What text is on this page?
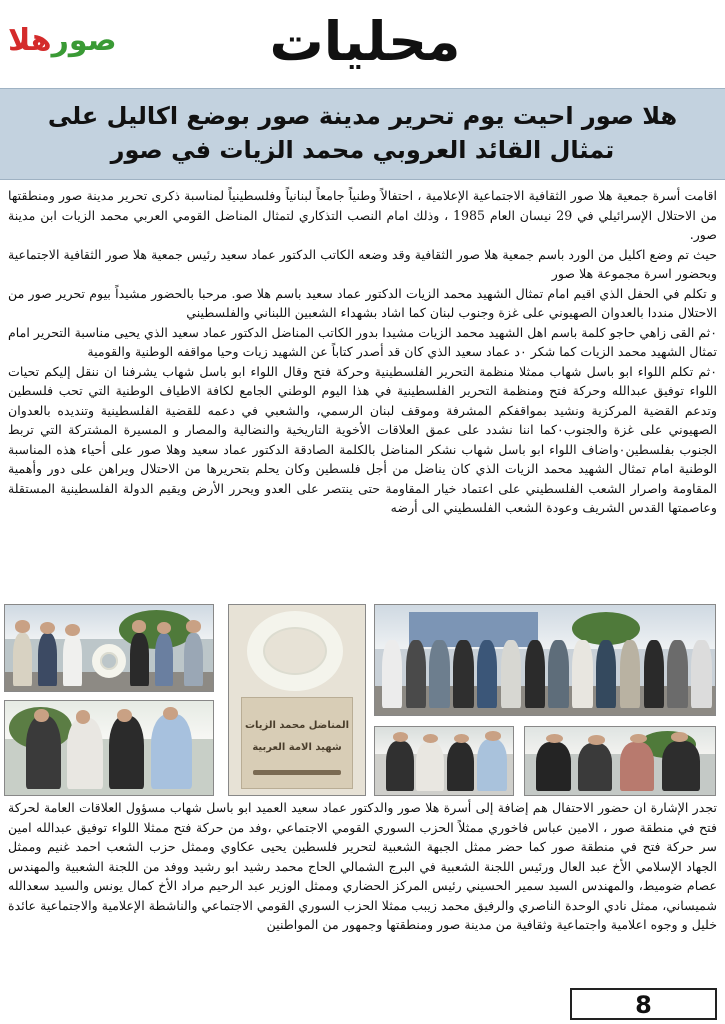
صورهلا	محليات
هلا صور احيت يوم تحرير مدينة صور بوضع اكاليل على
تمثال القائد العروبي محمد الزيات في صور

اقامت أسرة جمعية هلا صور الثقافية الاجتماعية الإعلامية ، احتفالاً وطنياً جامعاً لبنانياً وفلسطينياً لمناسبة ذكرى تحرير مدينة صور ومنطقتها من الاحتلال الإسرائيلي في 29 نيسان العام 1985 ، وذلك امام النصب التذكاري لتمثال المناضل القومي العربي محمد الزيات ابن مدينة صور.

حيث تم وضع اكليل من الورد باسم جمعية هلا صور الثقافية وقد وضعه الكاتب الدكتور عماد سعيد رئيس جمعية هلا صور الثقافية الاجتماعية وبحضور اسرة مجموعة هلا صور

و تكلم في الحفل الذي اقيم امام تمثال الشهيد محمد الزيات الدكتور عماد سعيد باسم هلا صو. مرحبا بالحضور مشيداً بيوم تحرير صور من الاحتلال منددا بالعدوان الصهيوني على غزة وجنوب لبنان كما اشاد بشهداء الشعبين اللبناني والفلسطيني

٠ثم القى زاهي حاجو كلمة باسم اهل الشهيد محمد الزيات مشيدا بدور الكاتب المناضل الدكتور عماد سعيد الذي يحيى مناسبة التحرير امام تمثال الشهيد محمد الزيات كما شكر ٠د عماد سعيد الذي كان قد أصدر كتاباً عن الشهيد زيات وحيا مواقفه الوطنية والقومية

٠ثم تكلم اللواء ابو باسل شهاب ممثلا منظمة التحرير الفلسطينية وحركة فتح وقال اللواء ابو باسل شهاب يشرفنا ان ننقل إليكم تحيات اللواء توفيق عبدالله وحركة فتح ومنظمة التحرير الفلسطينية في هذا اليوم الوطني الجامع لكافة الاطياف الوطنية التي تحب فلسطين وتدعم القضية المركزية ونشيد بمواقفكم المشرفة وموقف لبنان الرسمي، والشعبي في دعمه للقضية الفلسطينية وتنديده بالعدوان الصهيوني على غزة والجنوب٠كما اننا نشدد على عمق العلاقات الأخوية التاريخية والنضالية والمصار و المسيرة المشتركة التي تربط الجنوب بفلسطين٠واضاف اللواء ابو باسل شهاب نشكر المناضل بالكلمة الصادقة الدكتور عماد سعيد وهلا صور على أحياء هذه المناسبة الوطنية امام تمثال الشهيد محمد الزيات الذي كان يناضل من أجل فلسطين وكان يحلم بتحريرها من الاحتلال ويراهن على دور وأهمية المقاومة واصرار الشعب الفلسطيني على اعتماد خيار المقاومة حتى ينتصر على العدو ويحرر الأرض ويقيم الدولة الفلسطينية المستقلة وعاصمتها القدس الشريف وعودة الشعب الفلسطيني الى أرضه

المناضل محمد الزيات
شهيد الامة العربية
تجدر الإشارة ان حضور الاحتفال هم إضافة إلى أسرة هلا صور والدكتور عماد سعيد العميد ابو باسل شهاب مسؤول العلاقات العامة لحركة فتح في منطقة صور ، الامين عباس فاخوري ممثلاً الحزب السوري القومي الاجتماعي ،وفد من حركة فتح ممثلا اللواء توفيق عبدالله امين سر حركة فتح في منطقة صور كما حضر ممثل الجبهة الشعبية لتحرير فلسطين يحيى عكاوي وممثل حزب الشعب احمد غنيم وممثل الجهاد الإسلامي الأخ عبد العال ورئيس اللجنة الشعبية في البرج الشمالي الحاج محمد رشيد ابو رشيد ووفد من اللجنة الشعبية والمهندس عصام ضوميط، والمهندس السيد سمير الحسيني رئيس المركز الحضاري وممثل الوزير عبد الرحيم مراد الأخ كمال يونس والسيد سعدالله شميساني، ممثل نادي الوحدة الناصري والرفيق محمد زيبب ممثلا الحزب السوري القومي الاجتماعي والناشطة الإعلامية والاجتماعية عائدة خليل و وجوه اعلامية واجتماعية وثقافية من مدينة صور ومنطقتها وجمهور من المواطنين
8
